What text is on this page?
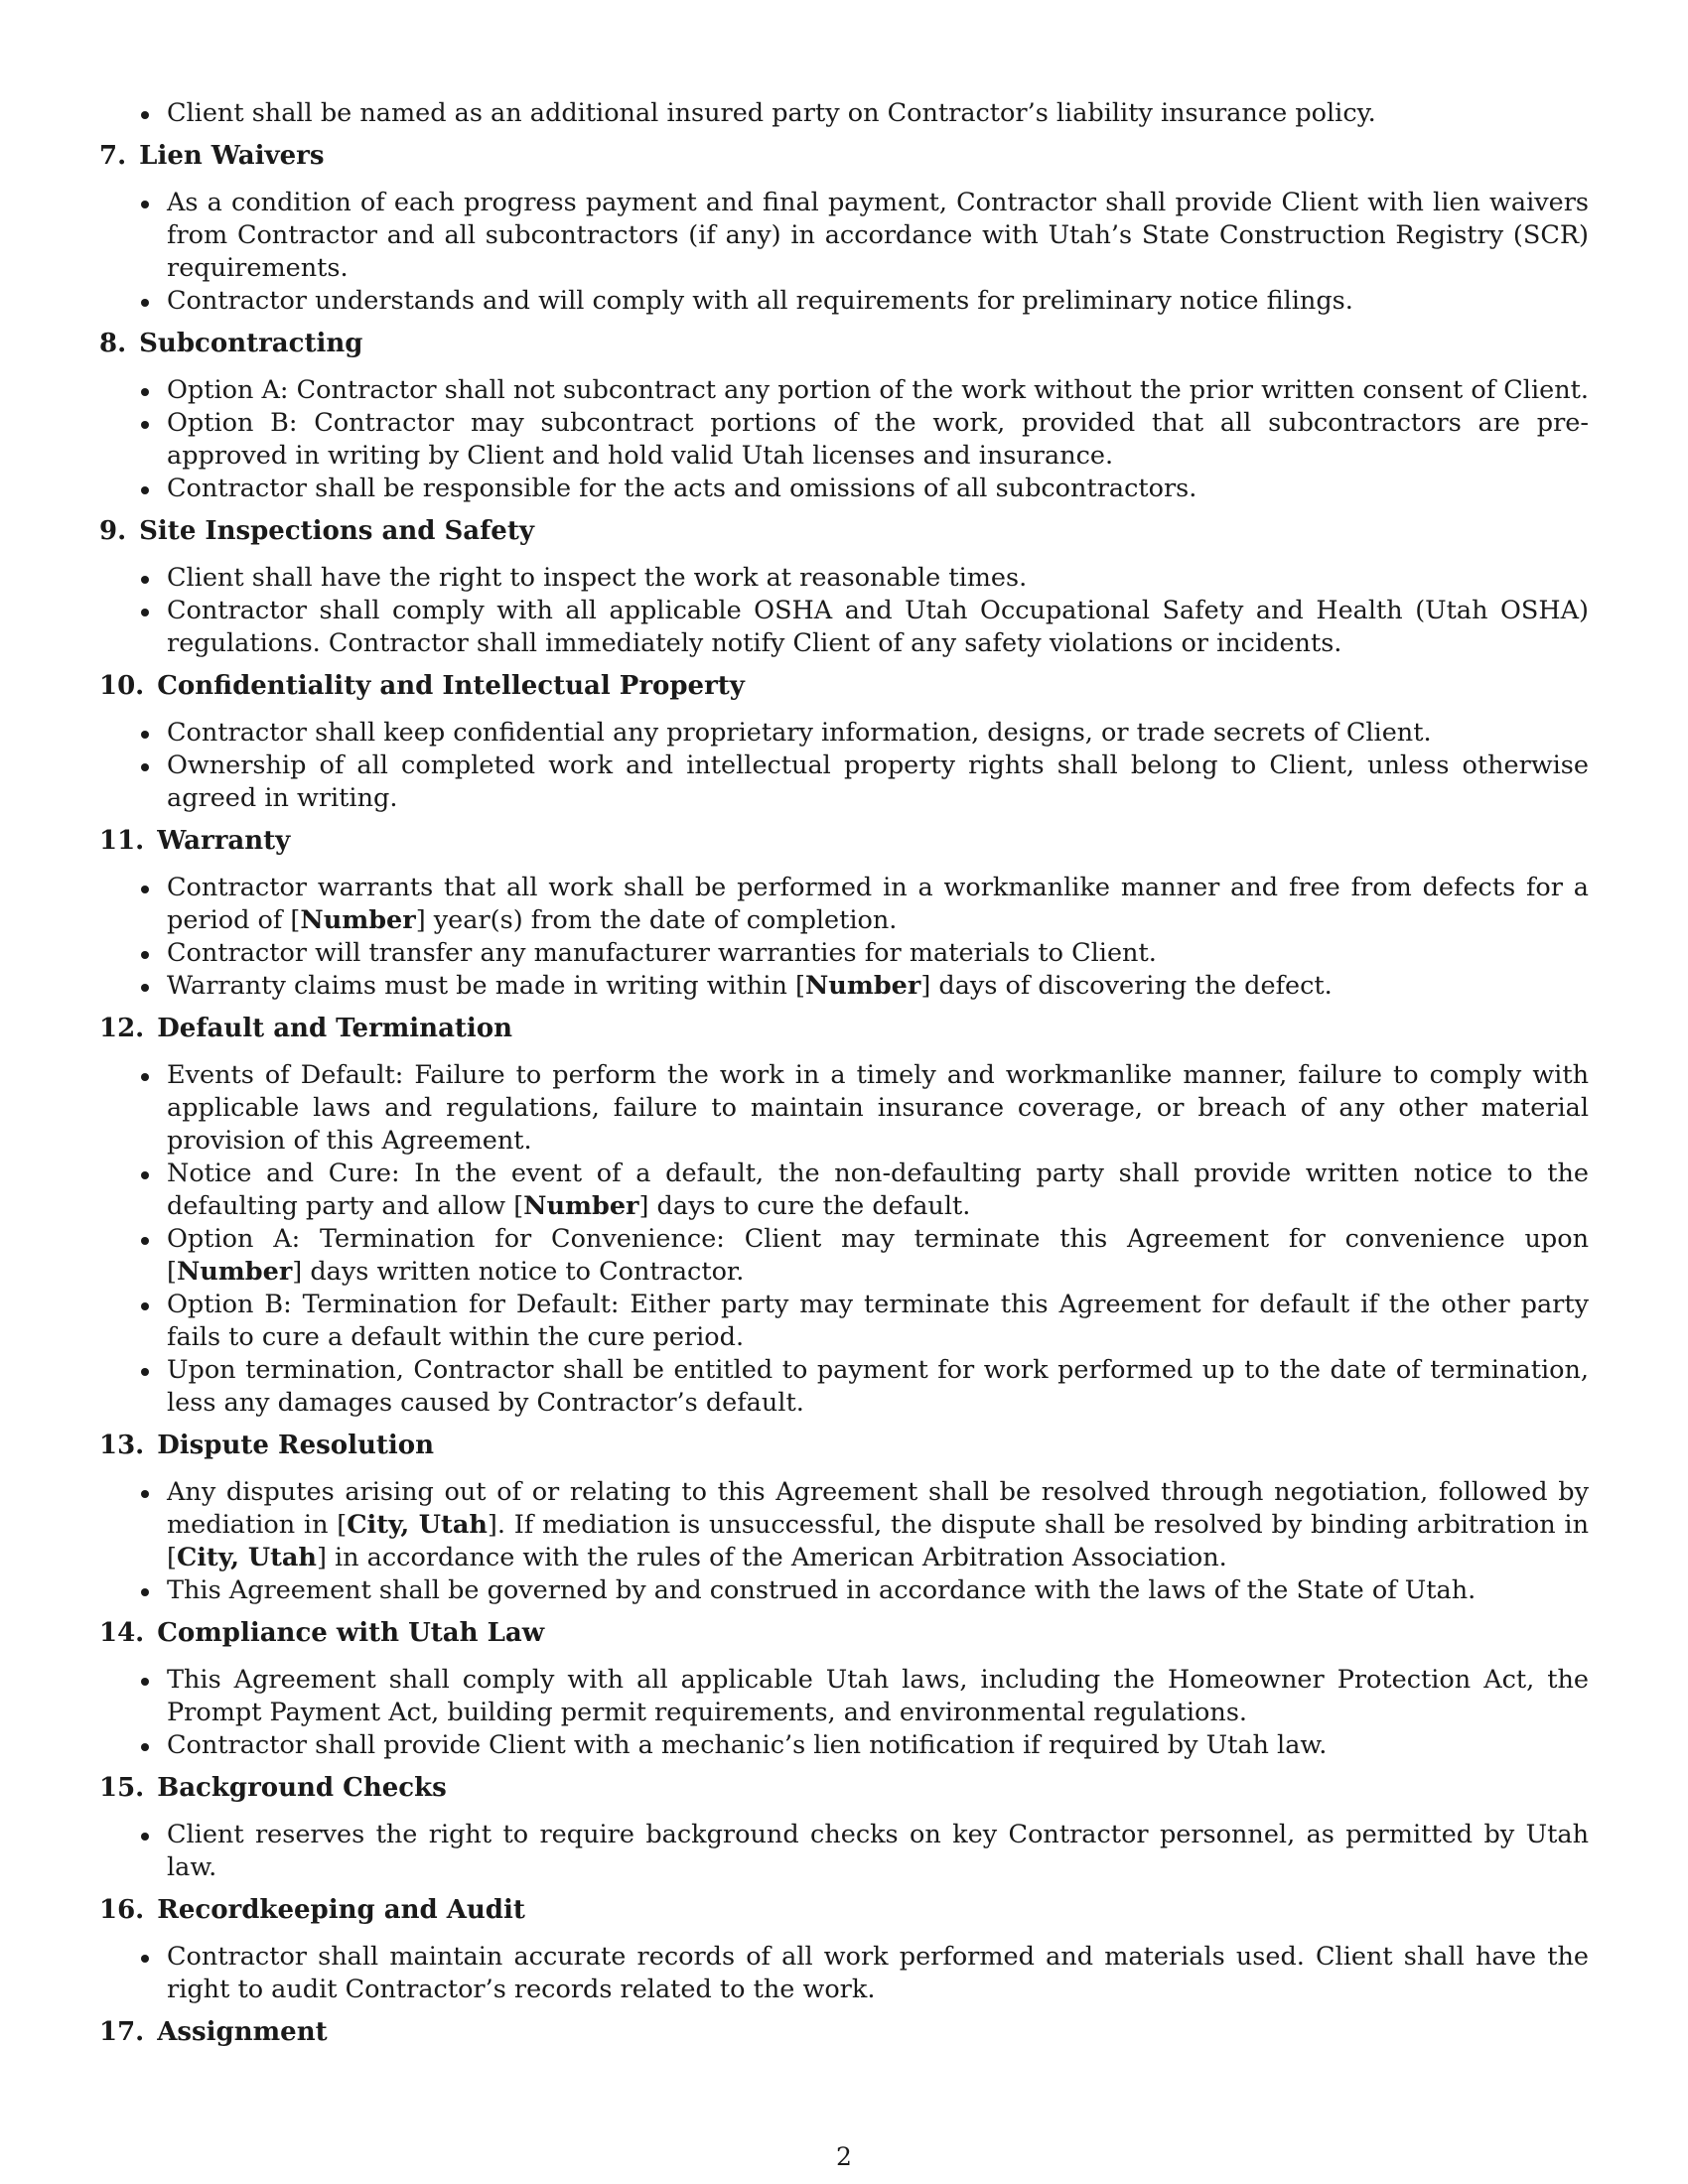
Client shall be named as an additional insured party on Contractor’s liability insurance policy.
7. Lien Waivers
As a condition of each progress payment and final payment, Contractor shall provide Client with lien waivers from Contractor and all subcontractors (if any) in accordance with Utah’s State Construction Registry (SCR) requirements.
Contractor understands and will comply with all requirements for preliminary notice filings.
8. Subcontracting
Option A: Contractor shall not subcontract any portion of the work without the prior written consent of Client.
Option B: Contractor may subcontract portions of the work, provided that all subcontractors are pre-approved in writing by Client and hold valid Utah licenses and insurance.
Contractor shall be responsible for the acts and omissions of all subcontractors.
9. Site Inspections and Safety
Client shall have the right to inspect the work at reasonable times.
Contractor shall comply with all applicable OSHA and Utah Occupational Safety and Health (Utah OSHA) regulations. Contractor shall immediately notify Client of any safety violations or incidents.
10. Confidentiality and Intellectual Property
Contractor shall keep confidential any proprietary information, designs, or trade secrets of Client.
Ownership of all completed work and intellectual property rights shall belong to Client, unless otherwise agreed in writing.
11. Warranty
Contractor warrants that all work shall be performed in a workmanlike manner and free from defects for a period of [Number] year(s) from the date of completion.
Contractor will transfer any manufacturer warranties for materials to Client.
Warranty claims must be made in writing within [Number] days of discovering the defect.
12. Default and Termination
Events of Default: Failure to perform the work in a timely and workmanlike manner, failure to comply with applicable laws and regulations, failure to maintain insurance coverage, or breach of any other material provision of this Agreement.
Notice and Cure: In the event of a default, the non-defaulting party shall provide written notice to the defaulting party and allow [Number] days to cure the default.
Option A: Termination for Convenience: Client may terminate this Agreement for convenience upon [Number] days written notice to Contractor.
Option B: Termination for Default: Either party may terminate this Agreement for default if the other party fails to cure a default within the cure period.
Upon termination, Contractor shall be entitled to payment for work performed up to the date of termination, less any damages caused by Contractor’s default.
13. Dispute Resolution
Any disputes arising out of or relating to this Agreement shall be resolved through negotiation, followed by mediation in [City, Utah]. If mediation is unsuccessful, the dispute shall be resolved by binding arbitration in [City, Utah] in accordance with the rules of the American Arbitration Association.
This Agreement shall be governed by and construed in accordance with the laws of the State of Utah.
14. Compliance with Utah Law
This Agreement shall comply with all applicable Utah laws, including the Homeowner Protection Act, the Prompt Payment Act, building permit requirements, and environmental regulations.
Contractor shall provide Client with a mechanic’s lien notification if required by Utah law.
15. Background Checks
Client reserves the right to require background checks on key Contractor personnel, as permitted by Utah law.
16. Recordkeeping and Audit
Contractor shall maintain accurate records of all work performed and materials used. Client shall have the right to audit Contractor’s records related to the work.
17. Assignment
2
